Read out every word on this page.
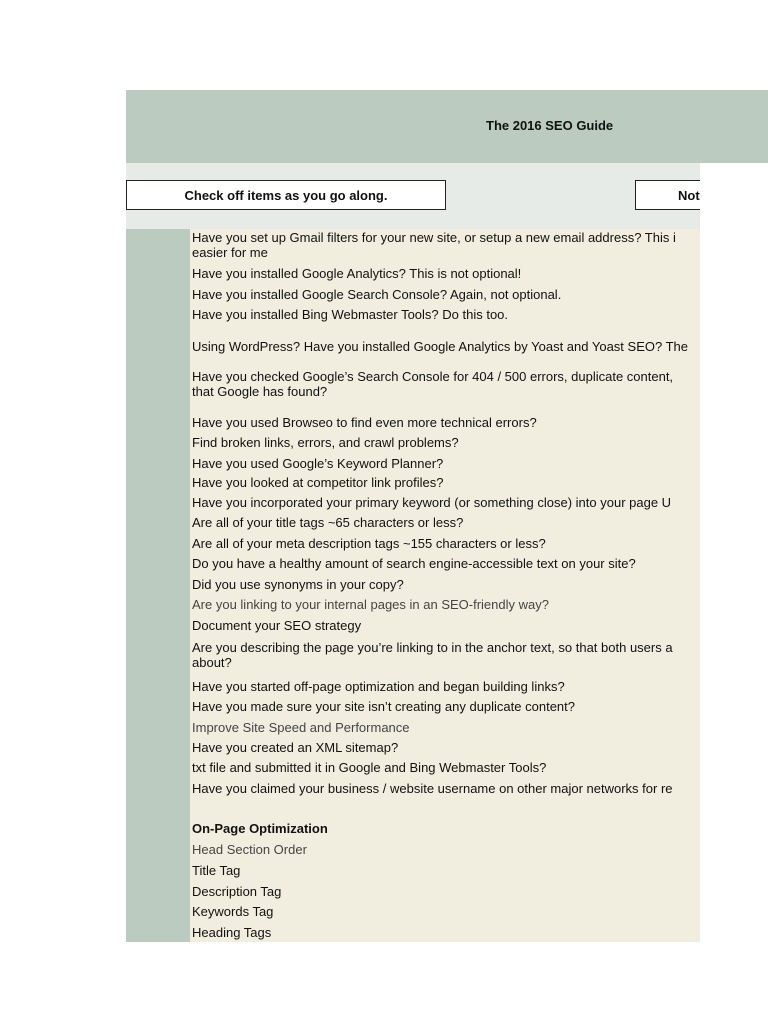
The 2016 SEO Guide
Check off items as you go along.	Not
Have you set up Gmail filters for your new site, or setup a new email address? This i easier for me
Have you installed Google Analytics? This is not optional!
Have you installed Google Search Console? Again, not optional.
Have you installed Bing Webmaster Tools? Do this too.
Using WordPress? Have you installed Google Analytics by Yoast and Yoast SEO? The
Have you checked Google’s Search Console for 404 / 500 errors, duplicate content, that Google has found?
Have you used Browseo to find even more technical errors?
Find broken links, errors, and crawl problems?
Have you used Google’s Keyword Planner?
Have you looked at competitor link profiles?
Have you incorporated your primary keyword (or something close) into your page U
Are all of your title tags ~65 characters or less?
Are all of your meta description tags ~155 characters or less?
Do you have a healthy amount of search engine-accessible text on your site?
Did you use synonyms in your copy?
Are you linking to your internal pages in an SEO-friendly way?
Document your SEO strategy
Are you describing the page you’re linking to in the anchor text, so that both users a about?
Have you started off-page optimization and began building links?
Have you made sure your site isn’t creating any duplicate content?
Improve Site Speed and Performance
Have you created an XML sitemap?
txt file and submitted it in Google and Bing Webmaster Tools?
Have you claimed your business / website username on other major networks for re
On-Page Optimization
Head Section Order
Title Tag
Description Tag
Keywords Tag
Heading Tags
